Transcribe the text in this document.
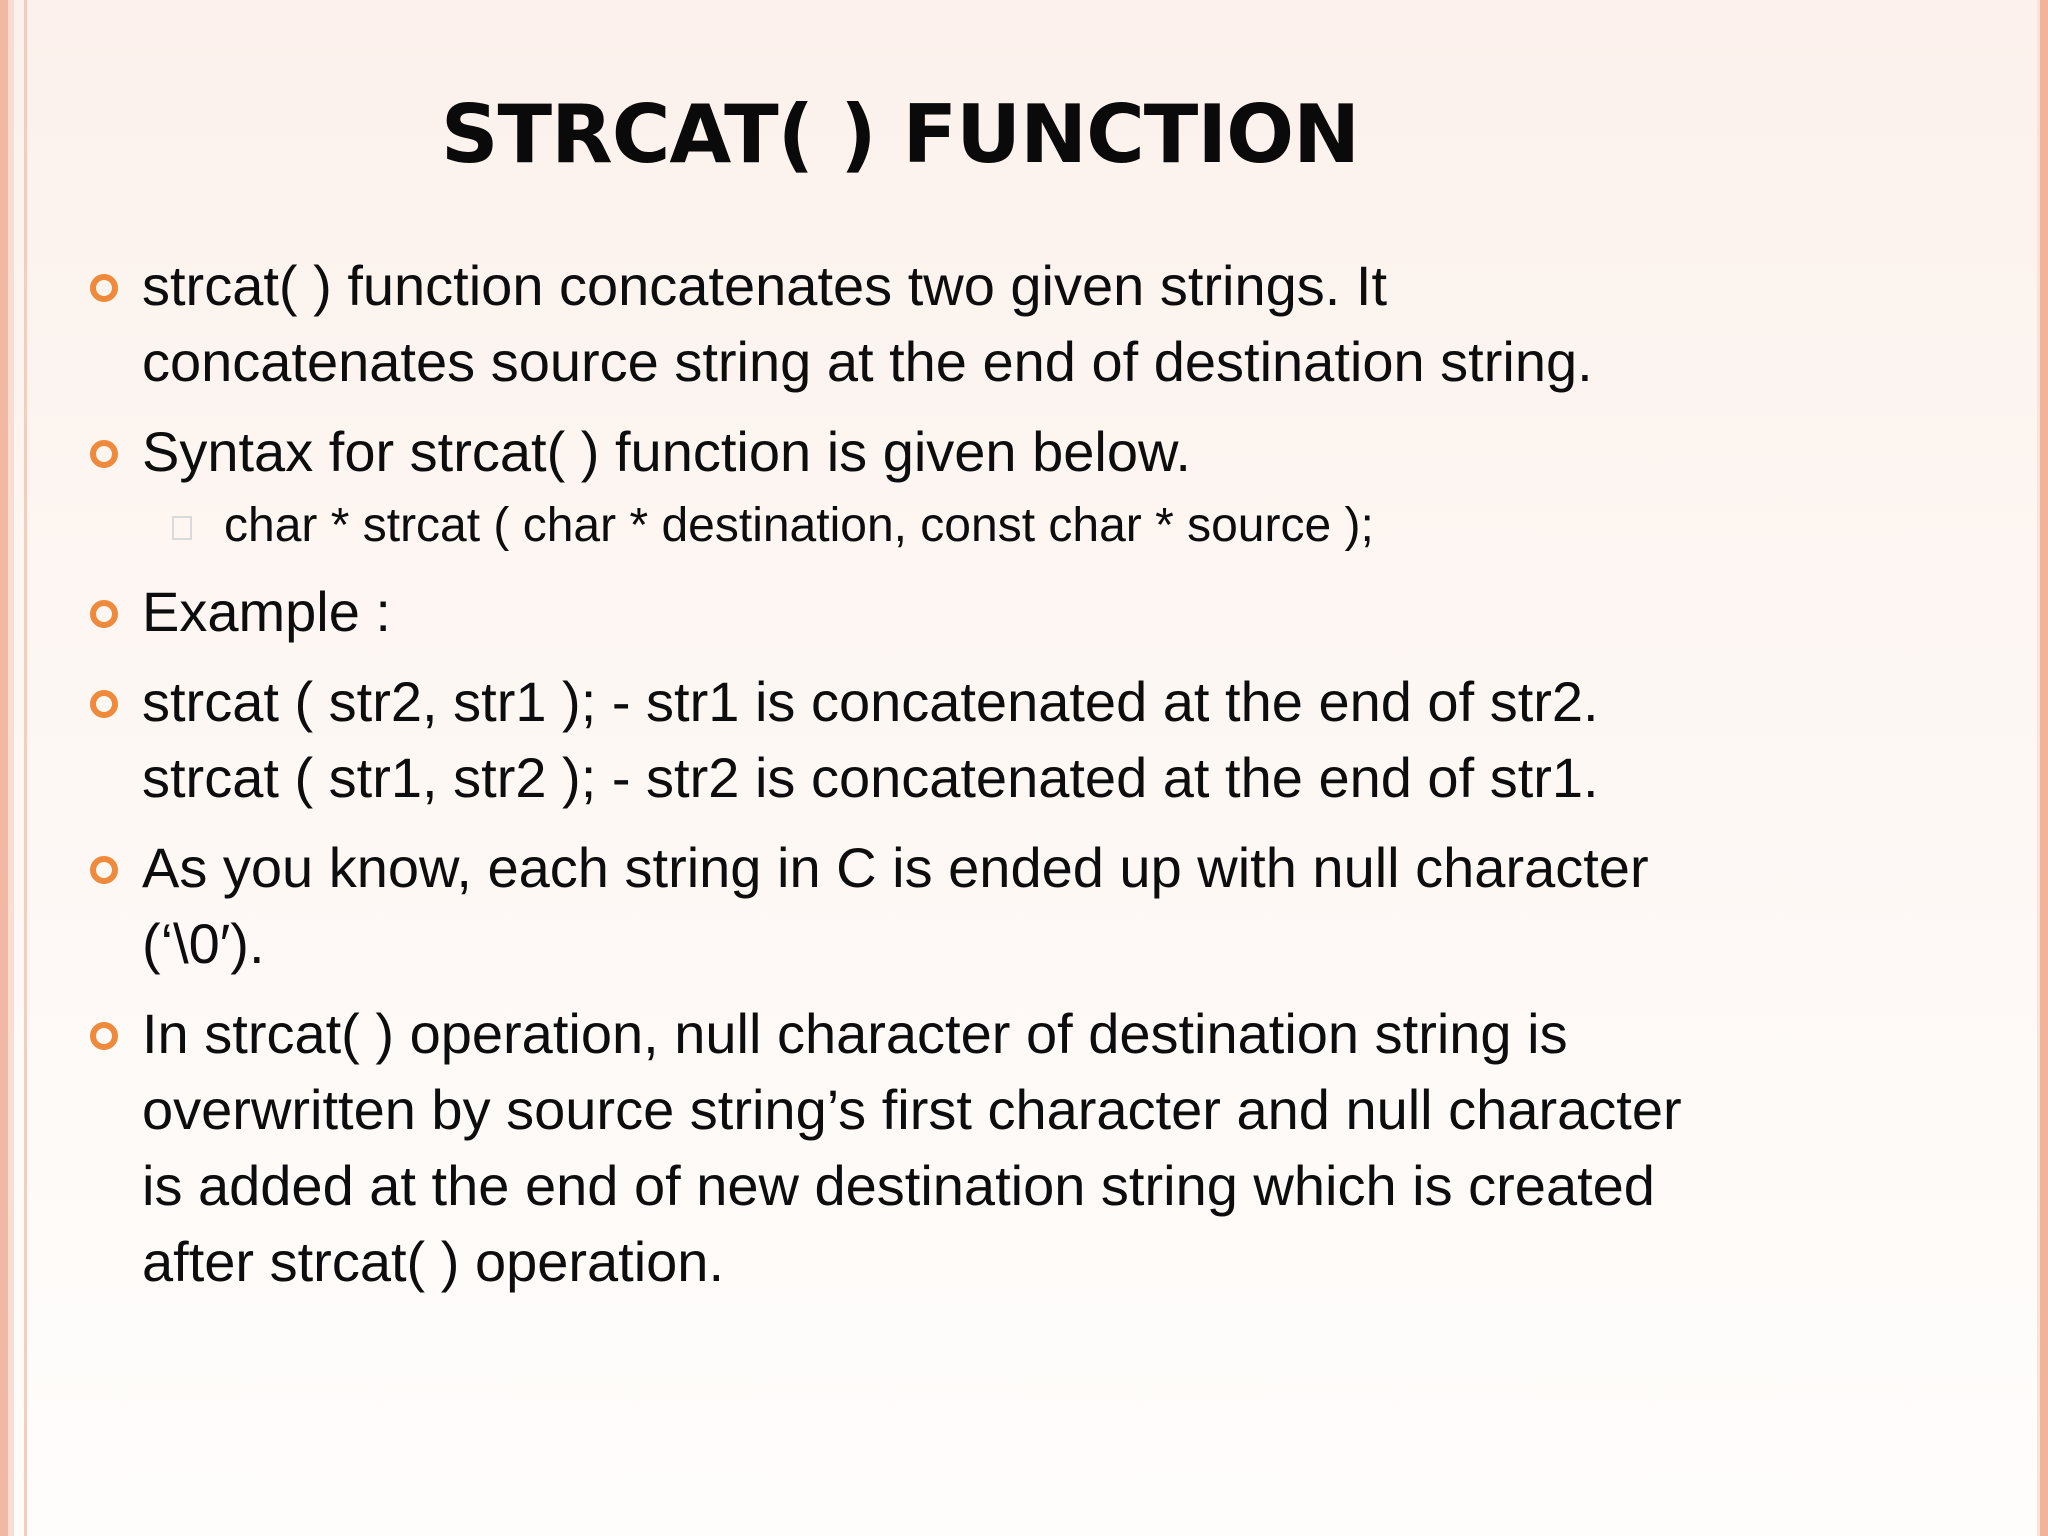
STRCAT( ) FUNCTION
strcat( ) function concatenates two given strings. It
concatenates source string at the end of destination string.
Syntax for strcat( ) function is given below.
char * strcat ( char * destination, const char * source );
Example :
strcat ( str2, str1 ); - str1 is concatenated at the end of str2.
strcat ( str1, str2 ); - str2 is concatenated at the end of str1.
As you know, each string in C is ended up with null character
(‘\0′).
In strcat( ) operation, null character of destination string is
overwritten by source string’s first character and null character
is added at the end of new destination string which is created
after strcat( ) operation.
